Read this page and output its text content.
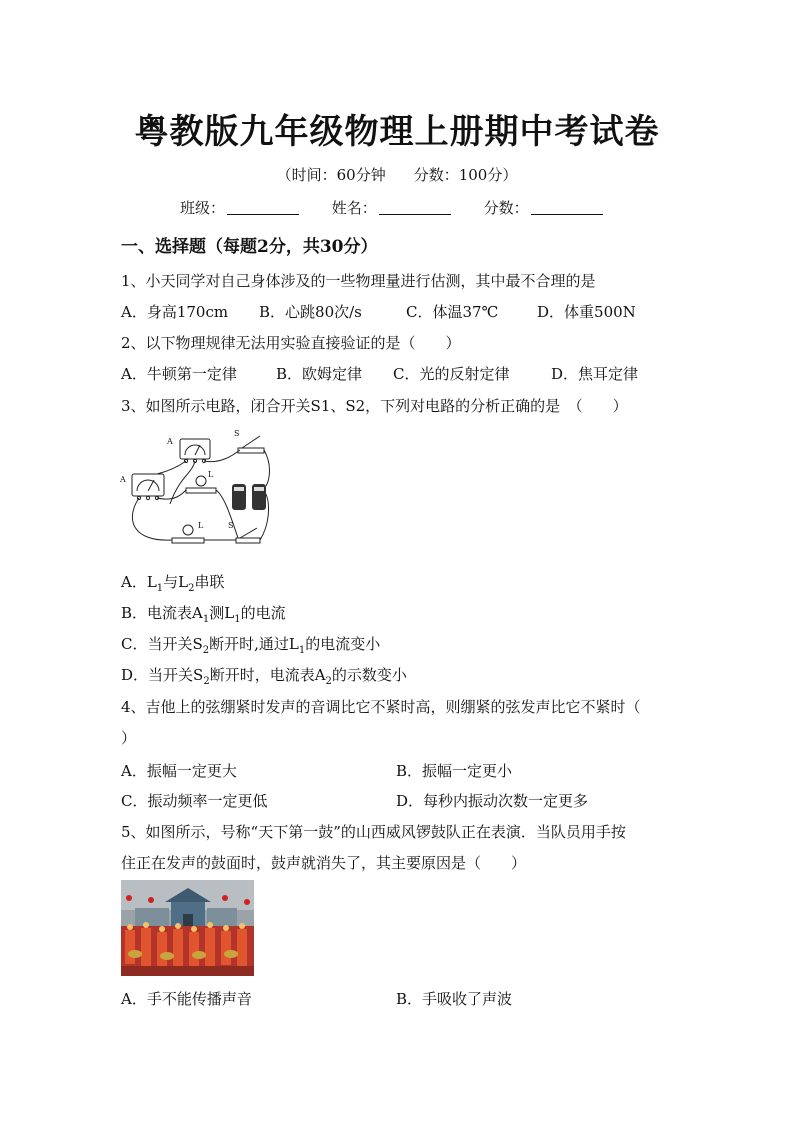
粤教版九年级物理上册期中考试卷
（时间：60分钟 分数：100分）
班级：	姓名：	分数：
一、选择题（每题2分，共30分）
1、小天同学对自己身体涉及的一些物理量进行估测，其中最不合理的是
A．身高170cm B．心跳80次/s	C．体温37℃	D．体重500N
2、以下物理规律无法用实验直接验证的是（　　）
A．牛顿第一定律	B．欧姆定律 C．光的反射定律	D．焦耳定律
3、如图所示电路，闭合开关S1、S2，下列对电路的分析正确的是　（　　）
A
A
S
S
L
L
A．$L_1$与$L_2$串联
B．电流表$A_1$测$L_1$的电流
C．当开关$S_2$断开时,通过$L_1$的电流变小
D．当开关$S_2$断开时，电流表$A_2$的示数变小
4、吉他上的弦绷紧时发声的音调比它不紧时高，则绷紧的弦发声比它不紧时（
）
A．振幅一定更大	B．振幅一定更小
C．振动频率一定更低	D．每秒内振动次数一定更多
5、如图所示，号称“天下第一鼓”的山西威风锣鼓队正在表演．当队员用手按
住正在发声的鼓面时，鼓声就消失了，其主要原因是（　　）
A．手不能传播声音	B．手吸收了声波
